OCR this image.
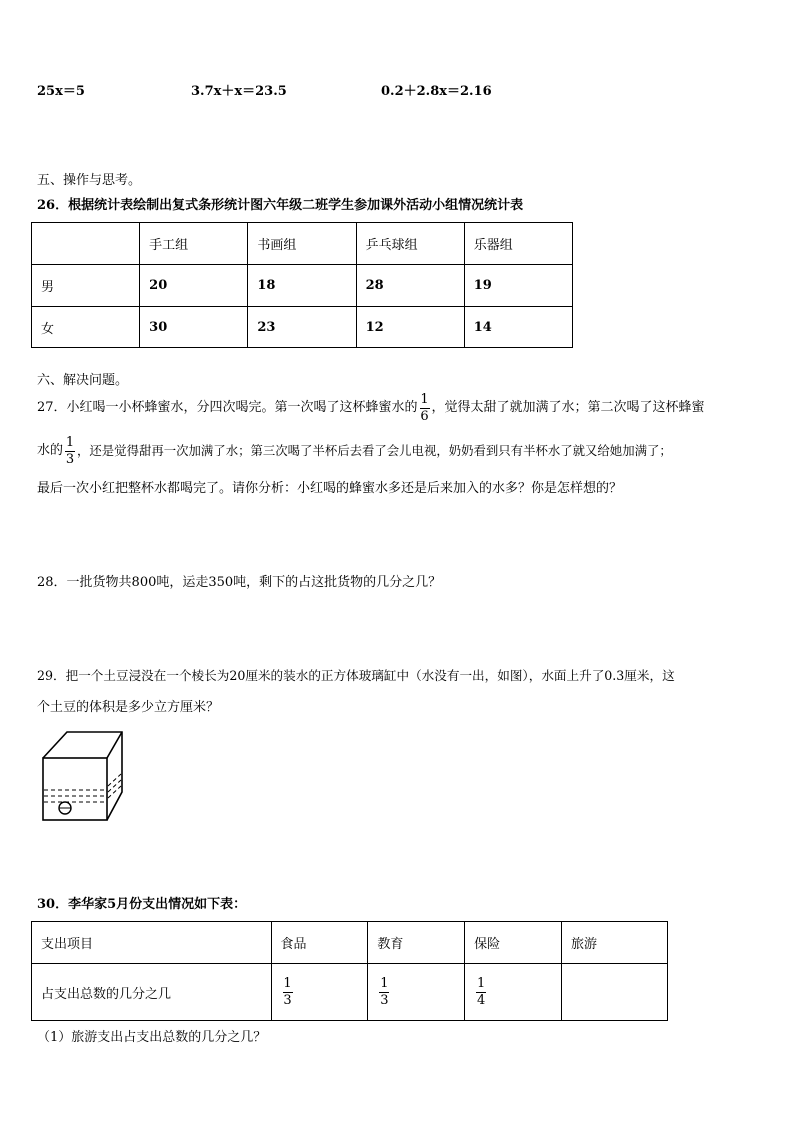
25x＝5	3.7x＋x＝23.5	0.2＋2.8x＝2.16
五、操作与思考。
26．根据统计表绘制出复式条形统计图六年级二班学生参加课外活动小组情况统计表
	手工组	书画组	乒乓球组	乐器组
男	20	18	28	19
女	30	23	12	14
六、解决问题。
27．小红喝一小杯蜂蜜水，分四次喝完。第一次喝了这杯蜂蜜水的 $\frac{1}{6}$ ，觉得太甜了就加满了水；第二次喝了这杯蜂蜜
水的 $\frac{1}{3}$ ，还是觉得甜再一次加满了水；第三次喝了半杯后去看了会儿电视，奶奶看到只有半杯水了就又给她加满了；
最后一次小红把整杯水都喝完了。请你分析：小红喝的蜂蜜水多还是后来加入的水多？你是怎样想的？
28．一批货物共800吨，运走350吨，剩下的占这批货物的几分之几？
29．把一个土豆浸没在一个棱长为20厘米的装水的正方体玻璃缸中（水没有一出，如图），水面上升了0.3厘米，这
个土豆的体积是多少立方厘米？
30．李华家5月份支出情况如下表：
支出项目	食品	教育	保险	旅游
占支出总数的几分之几	$\frac{1}{3}$	$\frac{1}{3}$	$\frac{1}{4}$

（1）旅游支出占支出总数的几分之几？
